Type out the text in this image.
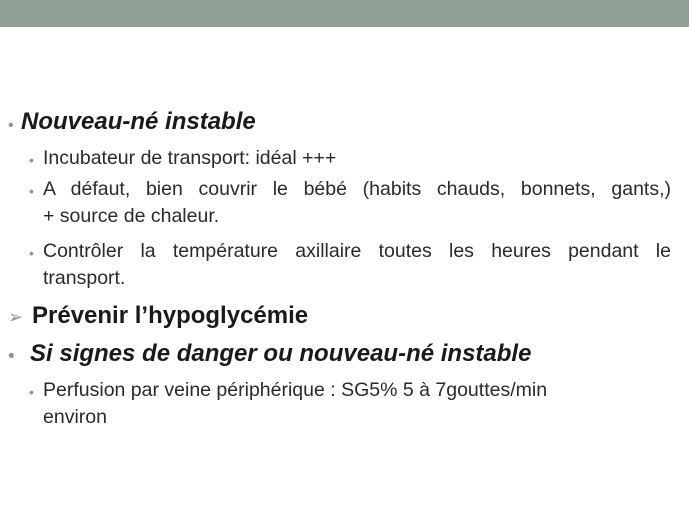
• Nouveau-né instable
• Incubateur de transport: idéal +++
• A défaut, bien couvrir le bébé (habits chauds, bonnets, gants,)
+ source de chaleur.
• Contrôler la température axillaire toutes les heures pendant le
transport.
➢ Prévenir l’hypoglycémie
• Si signes de danger ou nouveau-né instable
• Perfusion par veine périphérique : SG5% 5 à 7gouttes/min
environ
